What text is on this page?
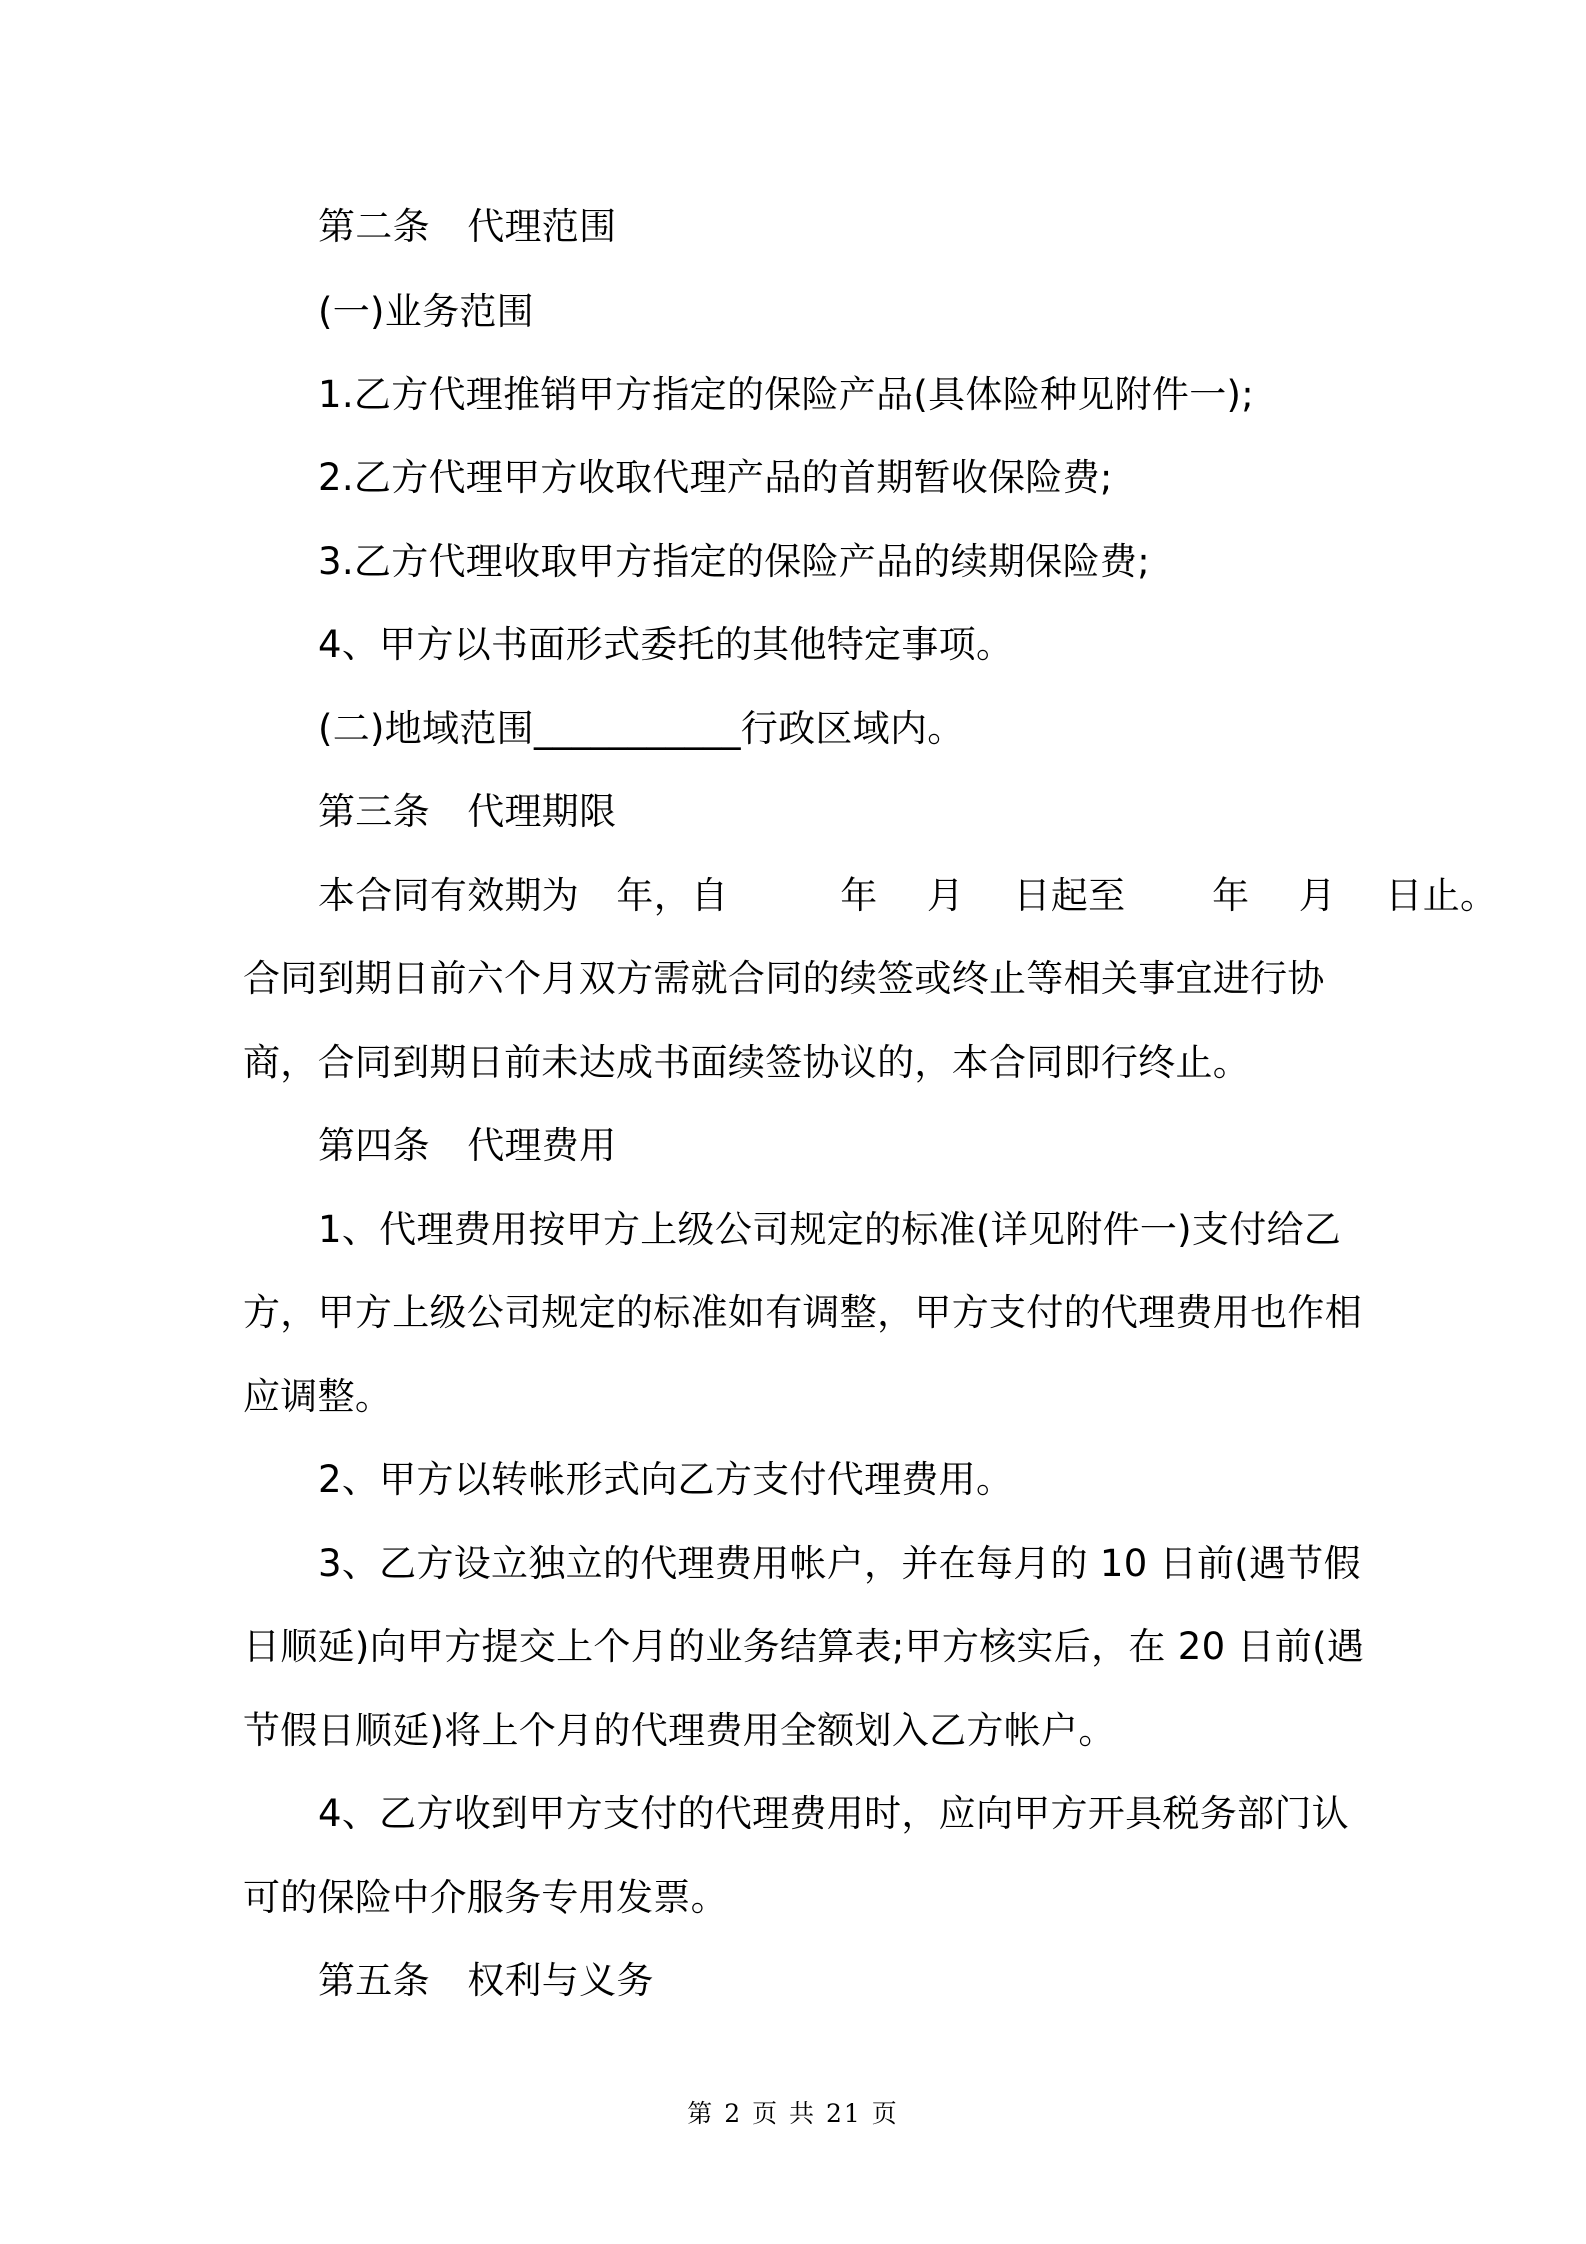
第二条　代理范围
(一)业务范围
1.乙方代理推销甲方指定的保险产品(具体险种见附件一);
2.乙方代理甲方收取代理产品的首期暂收保险费;
3.乙方代理收取甲方指定的保险产品的续期保险费;
4、甲方以书面形式委托的其他特定事项。
(二)地域范围___________行政区域内。
第三条　代理期限
本合同有效期为　年，自　　　年　 月　 日起至　　 年　 月　 日止。
合同到期日前六个月双方需就合同的续签或终止等相关事宜进行协
商，合同到期日前未达成书面续签协议的，本合同即行终止。
第四条　代理费用
1、代理费用按甲方上级公司规定的标准(详见附件一)支付给乙
方，甲方上级公司规定的标准如有调整，甲方支付的代理费用也作相
应调整。
2、甲方以转帐形式向乙方支付代理费用。
3、乙方设立独立的代理费用帐户，并在每月的 10 日前(遇节假
日顺延)向甲方提交上个月的业务结算表;甲方核实后，在 20 日前(遇
节假日顺延)将上个月的代理费用全额划入乙方帐户。
4、乙方收到甲方支付的代理费用时，应向甲方开具税务部门认
可的保险中介服务专用发票。
第五条　权利与义务
第 2 页 共 21 页
